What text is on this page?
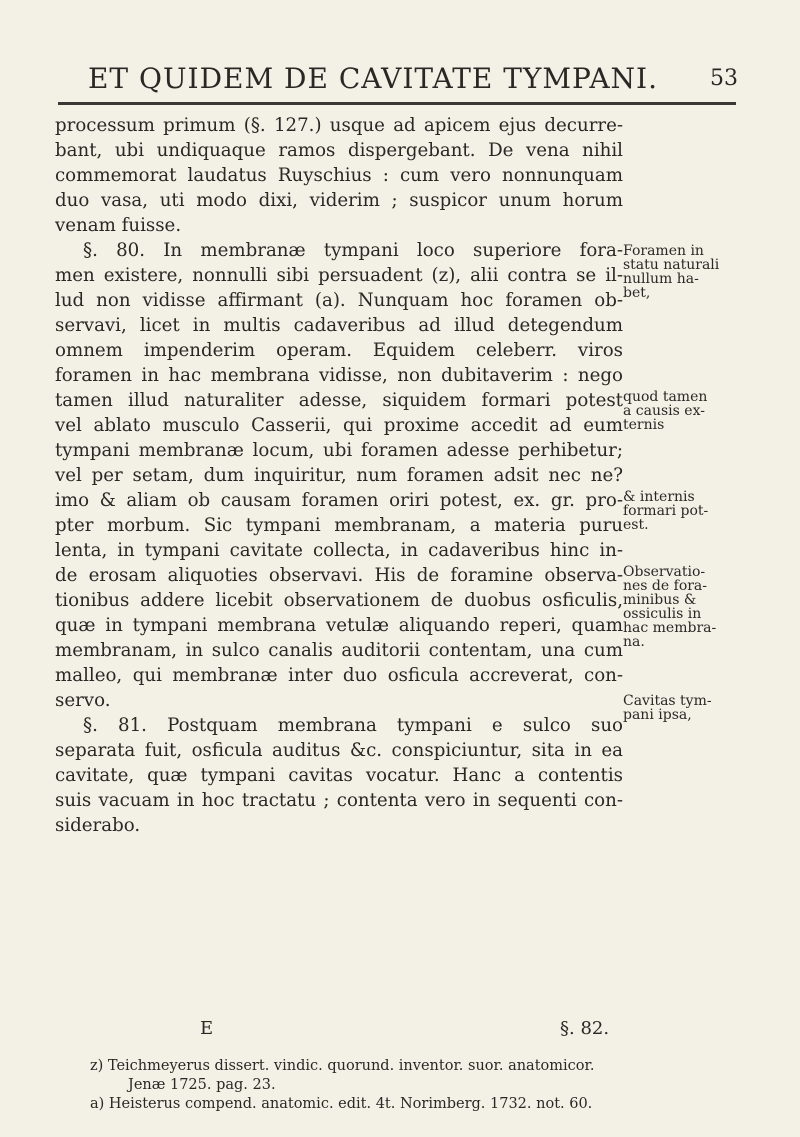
ET QUIDEM DE CAVITATE TYMPANI.	53
processum primum (§. 127.) usque ad apicem ejus decurre-
bant, ubi undiquaque ramos dispergebant. De vena nihil
commemorat laudatus Ruyschius : cum vero nonnunquam
duo vasa, uti modo dixi, viderim ; suspicor unum horum
venam fuisse.
§. 80. In membranæ tympani loco superiore fora-
men existere, nonnulli sibi persuadent (z), alii contra se il-
lud non vidisse affirmant (a). Nunquam hoc foramen ob-
servavi, licet in multis cadaveribus ad illud detegendum
omnem impenderim operam. Equidem celeberr. viros
foramen in hac membrana vidisse, non dubitaverim : nego
tamen illud naturaliter adesse, siquidem formari potest
vel ablato musculo Casserii, qui proxime accedit ad eum
tympani membranæ locum, ubi foramen adesse perhibetur;
vel per setam, dum inquiritur, num foramen adsit nec ne?
imo & aliam ob causam foramen oriri potest, ex. gr. pro-
pter morbum. Sic tympani membranam, a materia puru
lenta, in tympani cavitate collecta, in cadaveribus hinc in-
de erosam aliquoties observavi. His de foramine observa-
tionibus addere licebit observationem de duobus osficulis,
quæ in tympani membrana vetulæ aliquando reperi, quam
membranam, in sulco canalis auditorii contentam, una cum
malleo, qui membranæ inter duo osficula accreverat, con-
servo.
§. 81. Postquam membrana tympani e sulco suo
separata fuit, osficula auditus &c. conspiciuntur, sita in ea
cavitate, quæ tympani cavitas vocatur. Hanc a contentis
suis vacuam in hoc tractatu ; contenta vero in sequenti con-
siderabo.
Foramen in
statu naturali
nullum ha-
bet,
quod tamen
a causis ex-
ternis
& internis
formari pot-
est.
Observatio-
nes de fora-
minibus &
ossiculis in
hac membra-
na.
Cavitas tym-
pani ipsa,
E	§. 82.
z) Teichmeyerus dissert. vindic. quorund. inventor. suor. anatomicor.
Jenæ 1725. pag. 23.
a) Heisterus compend. anatomic. edit. 4t. Norimberg. 1732. not. 60.
